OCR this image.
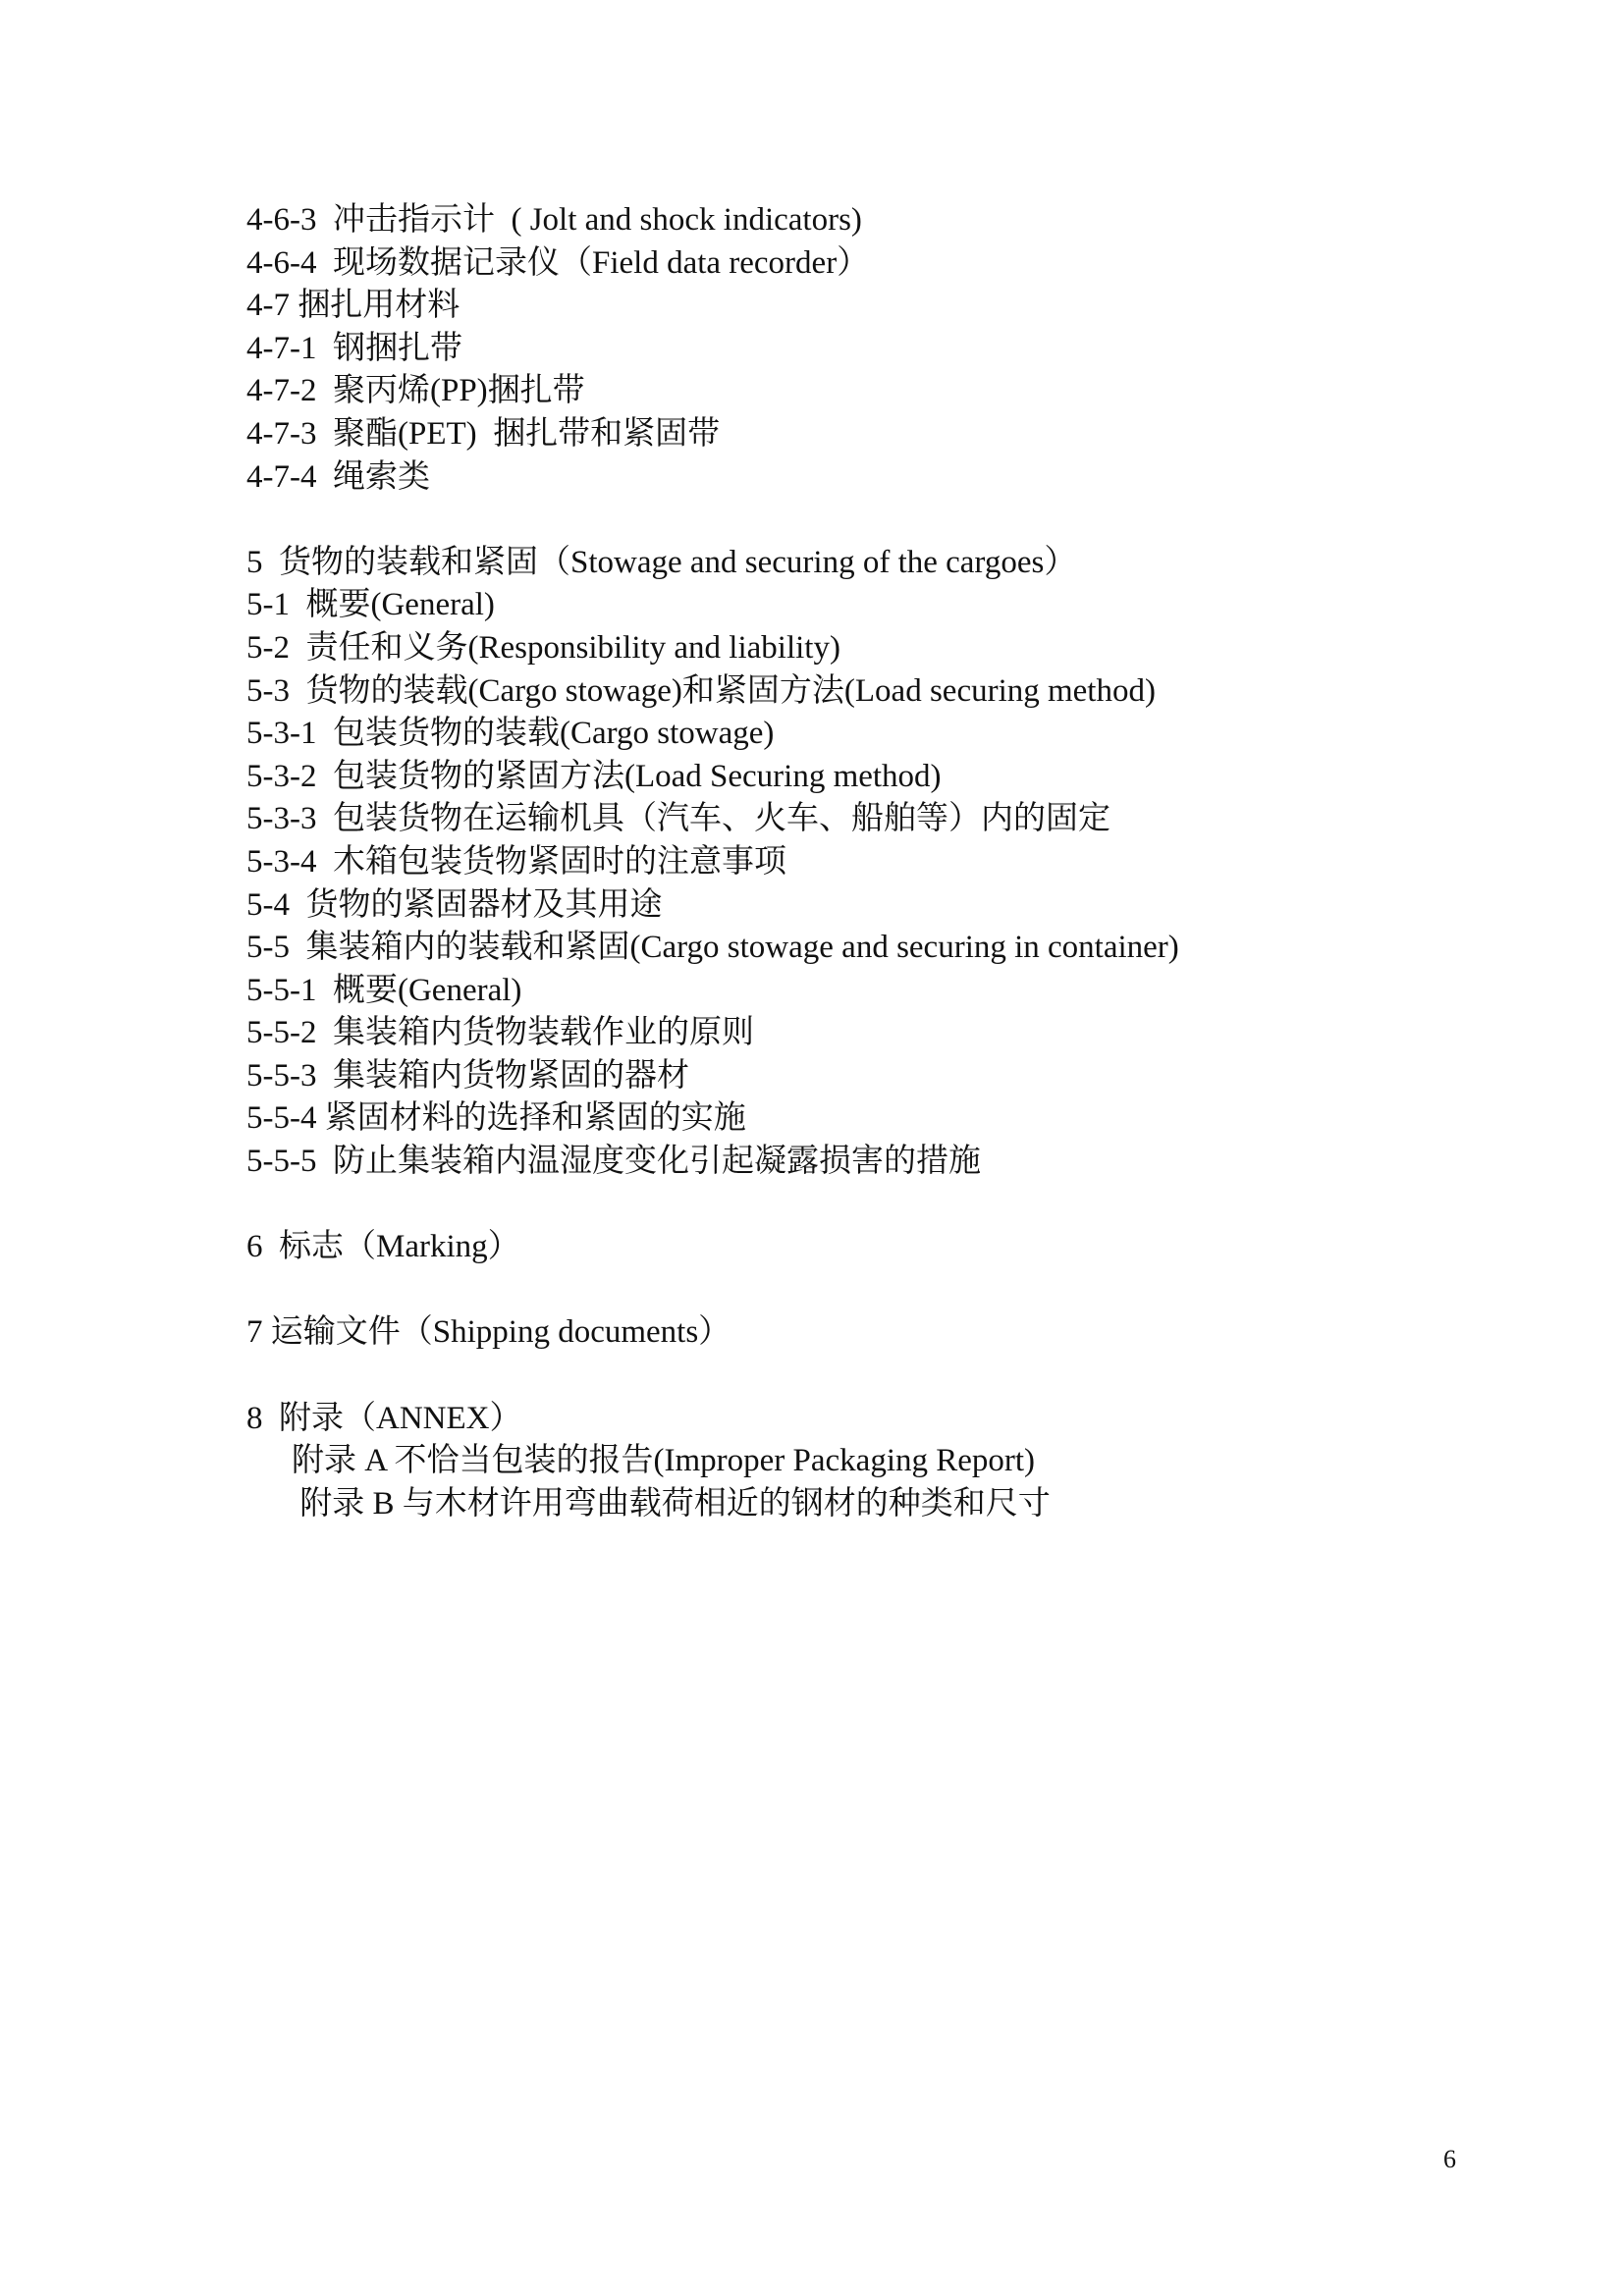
4-6-3  冲击指示计  ( Jolt and shock indicators)
4-6-4  现场数据记录仪（Field data recorder）
4-7 捆扎用材料
4-7-1  钢捆扎带
4-7-2  聚丙烯(PP)捆扎带
4-7-3  聚酯(PET)  捆扎带和紧固带
4-7-4  绳索类
5  货物的装载和紧固（Stowage and securing of the cargoes）
5-1  概要(General)
5-2  责任和义务(Responsibility and liability)
5-3  货物的装载(Cargo stowage)和紧固方法(Load securing method)
5-3-1  包装货物的装载(Cargo stowage)
5-3-2  包装货物的紧固方法(Load Securing method)
5-3-3  包装货物在运输机具（汽车、火车、船舶等）内的固定
5-3-4  木箱包装货物紧固时的注意事项
5-4  货物的紧固器材及其用途
5-5  集装箱内的装载和紧固(Cargo stowage and securing in container)
5-5-1  概要(General)
5-5-2  集装箱内货物装载作业的原则
5-5-3  集装箱内货物紧固的器材
5-5-4 紧固材料的选择和紧固的实施
5-5-5  防止集装箱内温湿度变化引起凝露损害的措施
6  标志（Marking）
7 运输文件（Shipping documents）
8  附录（ANNEX）
附录 A 不恰当包装的报告(Improper Packaging Report)
附录 B 与木材许用弯曲载荷相近的钢材的种类和尺寸
6
